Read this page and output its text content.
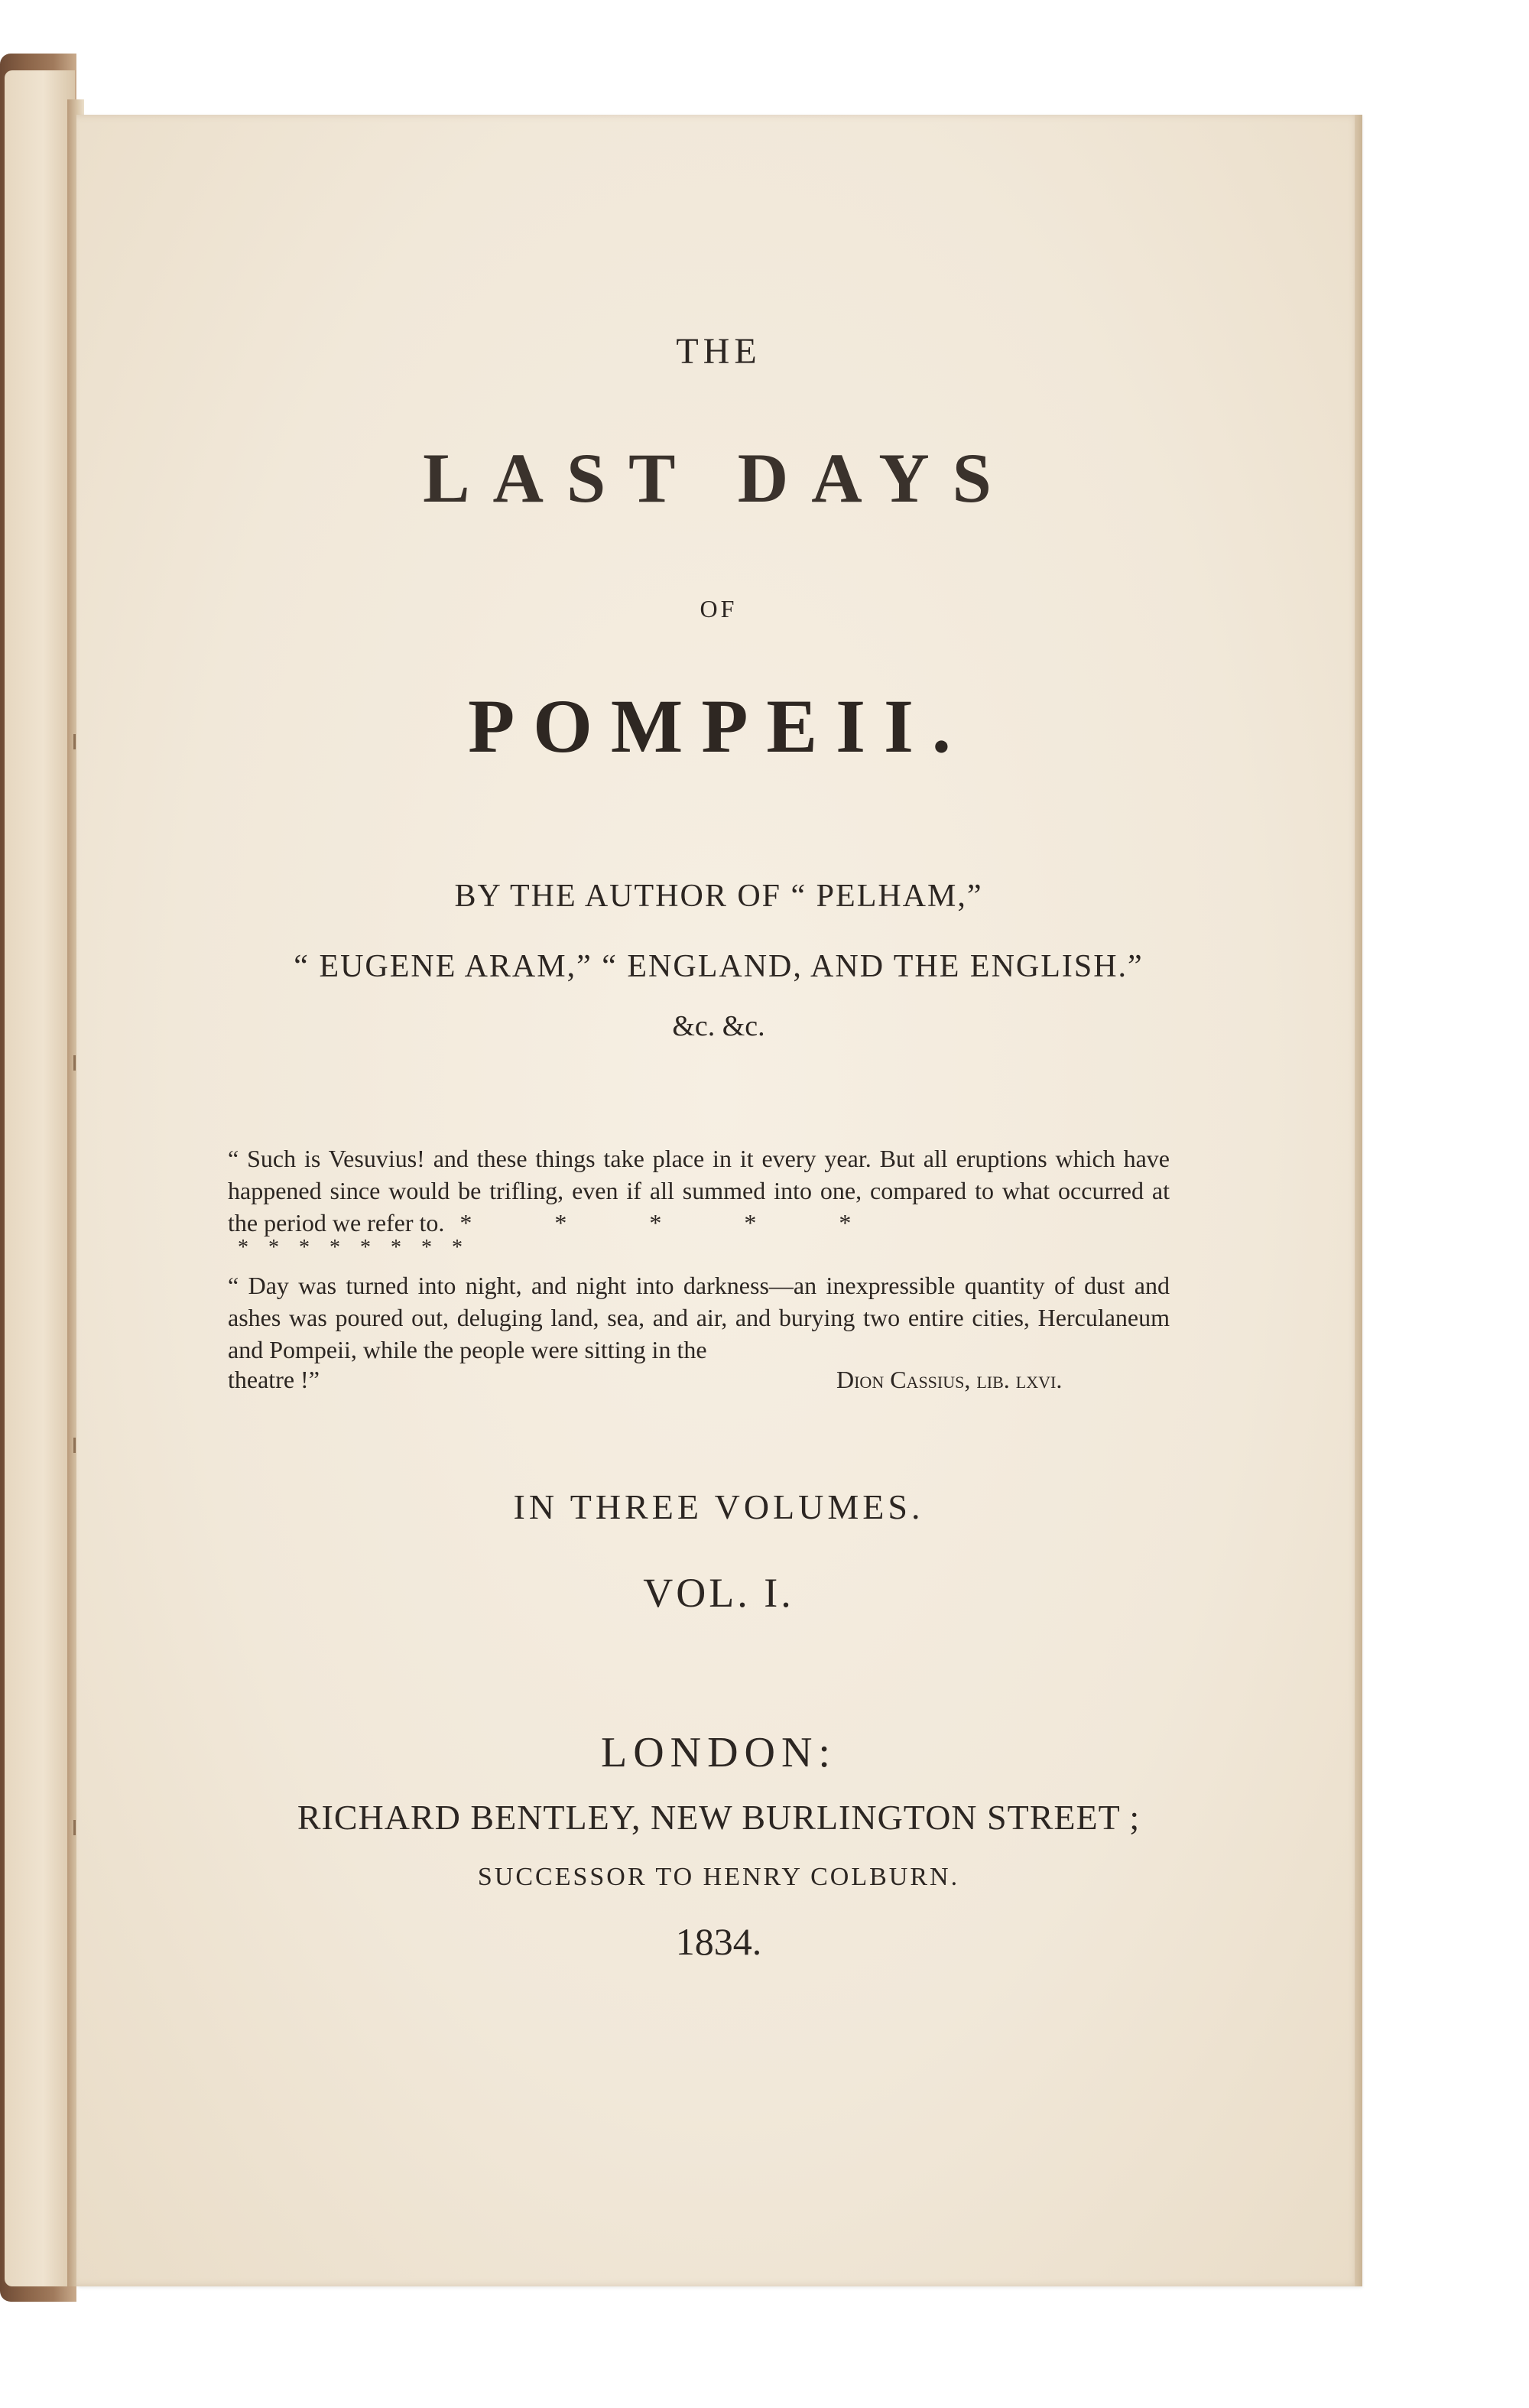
THE
LAST DAYS
OF
POMPEII.
BY THE AUTHOR OF “ PELHAM,”
“ EUGENE ARAM,” “ ENGLAND, AND THE ENGLISH.”
&c. &c.
“ Such is Vesuvius! and these things take place in it every year. But all eruptions which have happened since would be trifling, even if all summed into one, compared to what occurred at the period we refer to. * * * * *
* * * * * * * *
“ Day was turned into night, and night into darkness—an inexpressible quantity of dust and ashes was poured out, deluging land, sea, and air, and burying two entire cities, Herculaneum and Pompeii, while the people were sitting in the
theatre !”	Dion Cassius, lib. lxvi.
IN THREE VOLUMES.
VOL. I.
LONDON:
RICHARD BENTLEY, NEW BURLINGTON STREET ;
SUCCESSOR TO HENRY COLBURN.
1834.
